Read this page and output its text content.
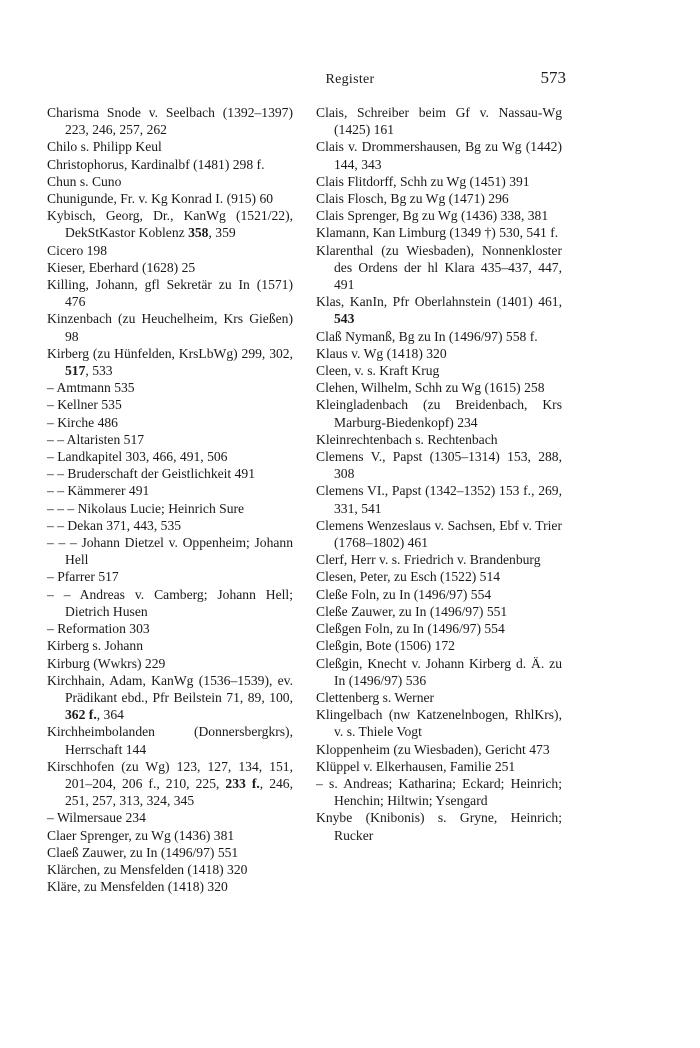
Register	573
Charisma Snode v. Seelbach (1392–1397) 223, 246, 257, 262
Chilo s. Philipp Keul
Christophorus, Kardinalbf (1481) 298 f.
Chun s. Cuno
Chunigunde, Fr. v. Kg Konrad I. (915) 60
Kybisch, Georg, Dr., KanWg (1521/22), DekStKastor Koblenz 358, 359
Cicero 198
Kieser, Eberhard (1628) 25
Killing, Johann, gfl Sekretär zu In (1571) 476
Kinzenbach (zu Heuchelheim, Krs Gießen) 98
Kirberg (zu Hünfelden, KrsLbWg) 299, 302, 517, 533
– Amtmann 535
– Kellner 535
– Kirche 486
– – Altaristen 517
– Landkapitel 303, 466, 491, 506
– – Bruderschaft der Geistlichkeit 491
– – Kämmerer 491
– – – Nikolaus Lucie; Heinrich Sure
– – Dekan 371, 443, 535
– – – Johann Dietzel v. Oppenheim; Johann Hell
– Pfarrer 517
– – Andreas v. Camberg; Johann Hell; Dietrich Husen
– Reformation 303
Kirberg s. Johann
Kirburg (Wwkrs) 229
Kirchhain, Adam, KanWg (1536–1539), ev. Prädikant ebd., Pfr Beilstein 71, 89, 100, 362 f., 364
Kirchheimbolanden (Donnersbergkrs), Herrschaft 144
Kirschhofen (zu Wg) 123, 127, 134, 151, 201–204, 206 f., 210, 225, 233 f., 246, 251, 257, 313, 324, 345
– Wilmersaue 234
Claer Sprenger, zu Wg (1436) 381
Claeß Zauwer, zu In (1496/97) 551
Klärchen, zu Mensfelden (1418) 320
Kläre, zu Mensfelden (1418) 320
Clais, Schreiber beim Gf v. Nassau-Wg (1425) 161
Clais v. Drommershausen, Bg zu Wg (1442) 144, 343
Clais Flitdorff, Schh zu Wg (1451) 391
Clais Flosch, Bg zu Wg (1471) 296
Clais Sprenger, Bg zu Wg (1436) 338, 381
Klamann, Kan Limburg (1349 †) 530, 541 f.
Klarenthal (zu Wiesbaden), Nonnenkloster des Ordens der hl Klara 435–437, 447, 491
Klas, KanIn, Pfr Oberlahnstein (1401) 461, 543
Claß Nymanß, Bg zu In (1496/97) 558 f.
Klaus v. Wg (1418) 320
Cleen, v. s. Kraft Krug
Clehen, Wilhelm, Schh zu Wg (1615) 258
Kleingladenbach (zu Breidenbach, Krs Marburg-Biedenkopf) 234
Kleinrechtenbach s. Rechtenbach
Clemens V., Papst (1305–1314) 153, 288, 308
Clemens VI., Papst (1342–1352) 153 f., 269, 331, 541
Clemens Wenzeslaus v. Sachsen, Ebf v. Trier (1768–1802) 461
Clerf, Herr v. s. Friedrich v. Brandenburg
Clesen, Peter, zu Esch (1522) 514
Cleße Foln, zu In (1496/97) 554
Cleße Zauwer, zu In (1496/97) 551
Cleßgen Foln, zu In (1496/97) 554
Cleßgin, Bote (1506) 172
Cleßgin, Knecht v. Johann Kirberg d. Ä. zu In (1496/97) 536
Clettenberg s. Werner
Klingelbach (nw Katzenelnbogen, RhlKrs), v. s. Thiele Vogt
Kloppenheim (zu Wiesbaden), Gericht 473
Klüppel v. Elkerhausen, Familie 251
– s. Andreas; Katharina; Eckard; Heinrich; Henchin; Hiltwin; Ysengard
Knybe (Knibonis) s. Gryne, Heinrich; Rucker
